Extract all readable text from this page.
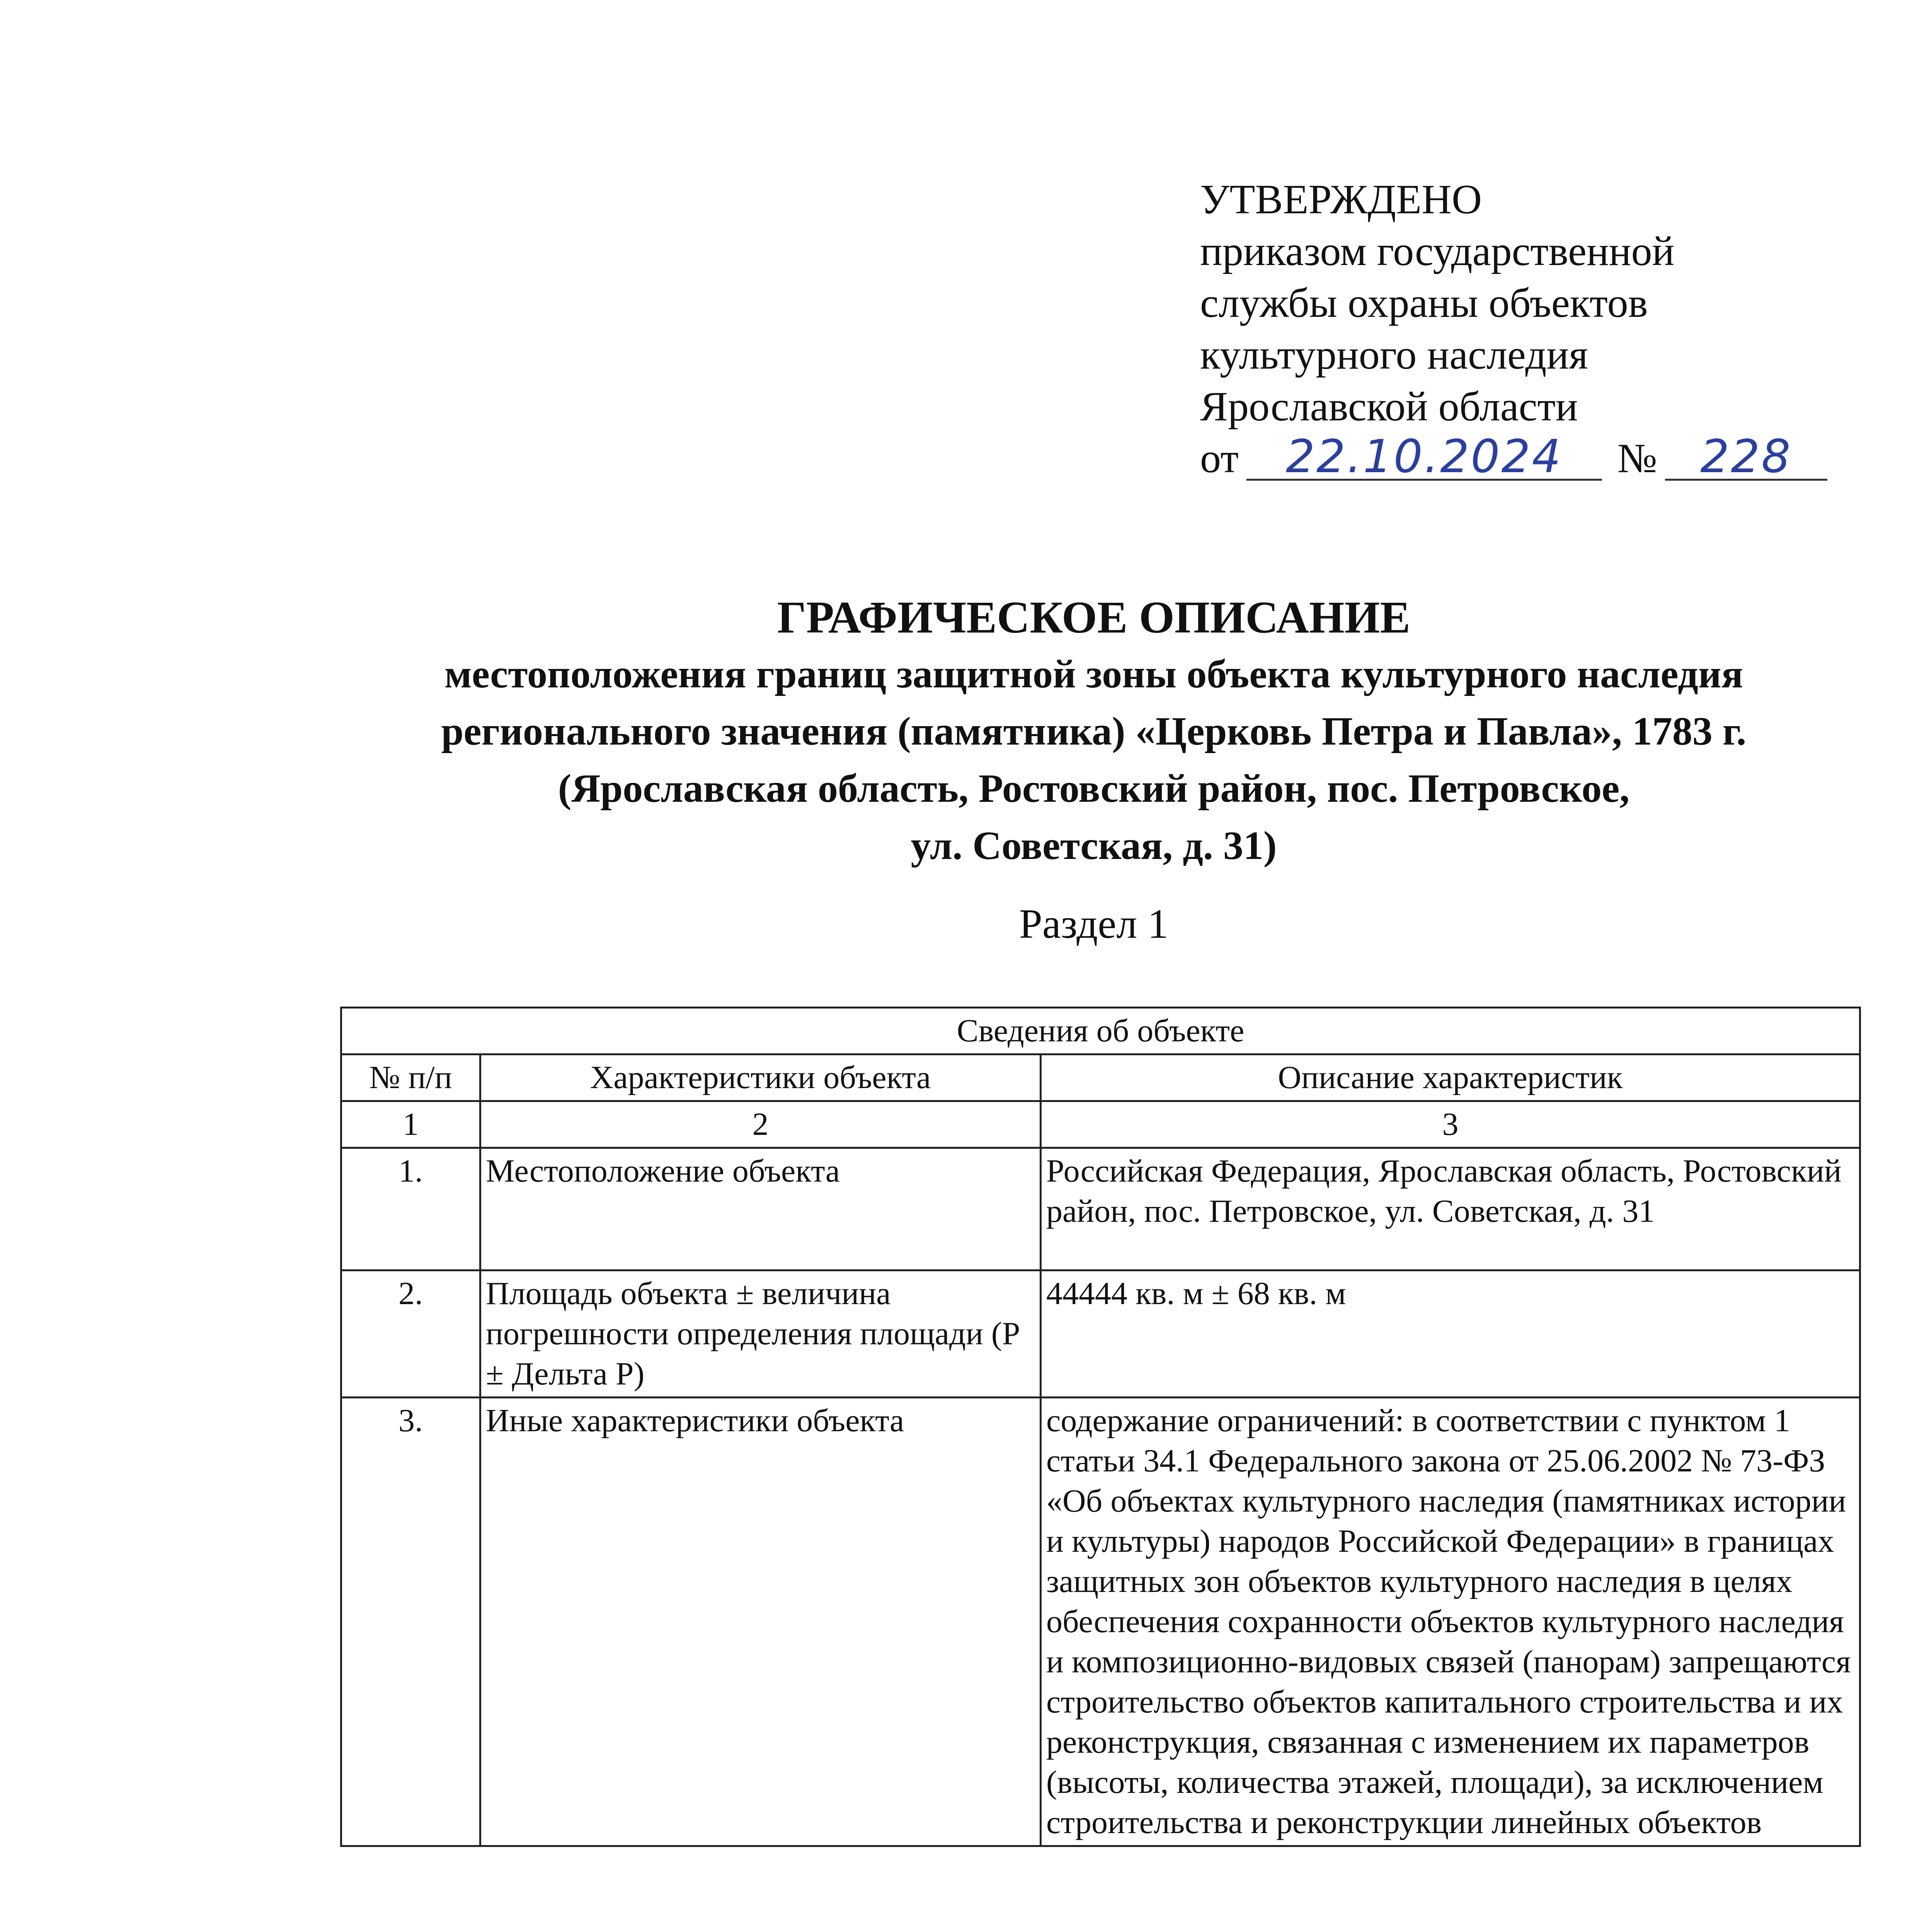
УТВЕРЖДЕНО
приказом государственной
службы охраны объектов
культурного наследия
Ярославской области
от	22.10.2024	№ 228
ГРАФИЧЕСКОЕ ОПИСАНИЕ
местоположения границ защитной зоны объекта культурного наследия
регионального значения (памятника) «Церковь Петра и Павла», 1783 г.
(Ярославская область, Ростовский район, пос. Петровское,
ул. Советская, д. 31)
Раздел 1
Сведения об объекте		
№ п/п	Характеристики объекта	Описание характеристик
1	2	3
1.	Местоположение объекта	Российская Федерация, Ярославская область, Ростовский район, пос. Петровское, ул. Советская, д. 31
2.	Площадь объекта ± величина погрешности определения площади (Р ± Дельта Р)	44444 кв. м ± 68 кв. м
3.	Иные характеристики объекта	содержание ограничений: в соответствии с пунктом 1 статьи 34.1 Федерального закона от 25.06.2002 № 73-ФЗ «Об объектах культурного наследия (памятниках истории и культуры) народов Российской Федерации» в границах защитных зон объектов культурного наследия в целях обеспечения сохранности объектов культурного наследия и композиционно-видовых связей (панорам) запрещаются строительство объектов капитального строительства и их реконструкция, связанная с изменением их параметров (высоты, количества этажей, площади), за исключением строительства и реконструкции линейных объектов
